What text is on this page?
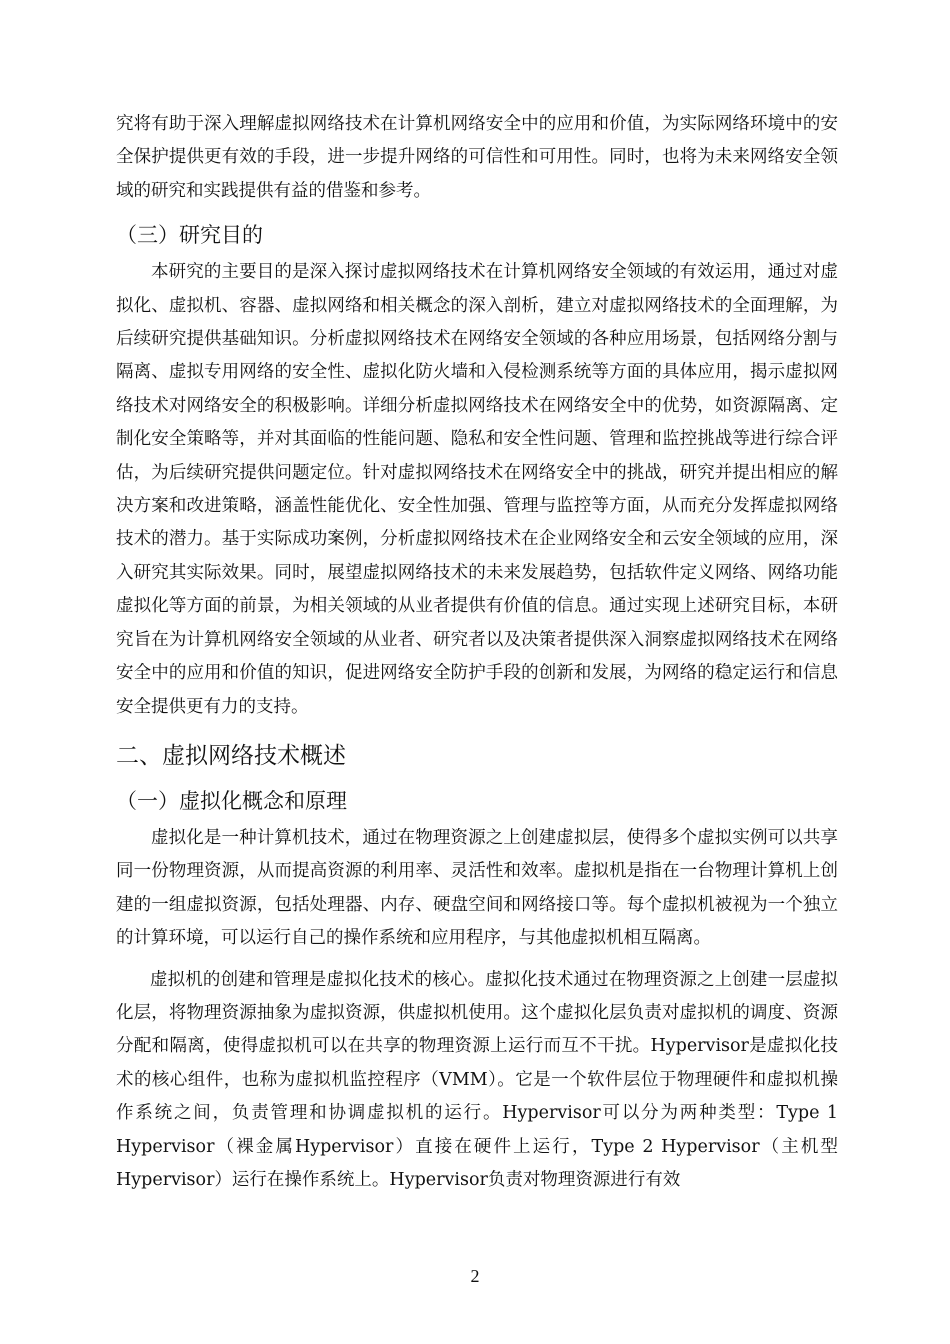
究将有助于深入理解虚拟网络技术在计算机网络安全中的应用和价值，为实际网络环境中的安全保护提供更有效的手段，进一步提升网络的可信性和可用性。同时，也将为未来网络安全领域的研究和实践提供有益的借鉴和参考。

（三）研究目的

本研究的主要目的是深入探讨虚拟网络技术在计算机网络安全领域的有效运用，通过对虚拟化、虚拟机、容器、虚拟网络和相关概念的深入剖析，建立对虚拟网络技术的全面理解，为后续研究提供基础知识。分析虚拟网络技术在网络安全领域的各种应用场景，包括网络分割与隔离、虚拟专用网络的安全性、虚拟化防火墙和入侵检测系统等方面的具体应用，揭示虚拟网络技术对网络安全的积极影响。详细分析虚拟网络技术在网络安全中的优势，如资源隔离、定制化安全策略等，并对其面临的性能问题、隐私和安全性问题、管理和监控挑战等进行综合评估，为后续研究提供问题定位。针对虚拟网络技术在网络安全中的挑战，研究并提出相应的解决方案和改进策略，涵盖性能优化、安全性加强、管理与监控等方面，从而充分发挥虚拟网络技术的潜力。基于实际成功案例，分析虚拟网络技术在企业网络安全和云安全领域的应用，深入研究其实际效果。同时，展望虚拟网络技术的未来发展趋势，包括软件定义网络、网络功能虚拟化等方面的前景，为相关领域的从业者提供有价值的信息。通过实现上述研究目标，本研究旨在为计算机网络安全领域的从业者、研究者以及决策者提供深入洞察虚拟网络技术在网络安全中的应用和价值的知识，促进网络安全防护手段的创新和发展，为网络的稳定运行和信息安全提供更有力的支持。

二、虚拟网络技术概述
（一）虚拟化概念和原理

虚拟化是一种计算机技术，通过在物理资源之上创建虚拟层，使得多个虚拟实例可以共享同一份物理资源，从而提高资源的利用率、灵活性和效率。虚拟机是指在一台物理计算机上创建的一组虚拟资源，包括处理器、内存、硬盘空间和网络接口等。每个虚拟机被视为一个独立的计算环境，可以运行自己的操作系统和应用程序，与其他虚拟机相互隔离。

虚拟机的创建和管理是虚拟化技术的核心。虚拟化技术通过在物理资源之上创建一层虚拟化层，将物理资源抽象为虚拟资源，供虚拟机使用。这个虚拟化层负责对虚拟机的调度、资源分配和隔离，使得虚拟机可以在共享的物理资源上运行而互不干扰。Hypervisor是虚拟化技术的核心组件，也称为虚拟机监控程序（VMM）。它是一个软件层位于物理硬件和虚拟机操作系统之间，负责管理和协调虚拟机的运行。Hypervisor可以分为两种类型：Type 1 Hypervisor（裸金属Hypervisor）直接在硬件上运行，Type 2 Hypervisor（主机型Hypervisor）运行在操作系统上。Hypervisor负责对物理资源进行有效

2
